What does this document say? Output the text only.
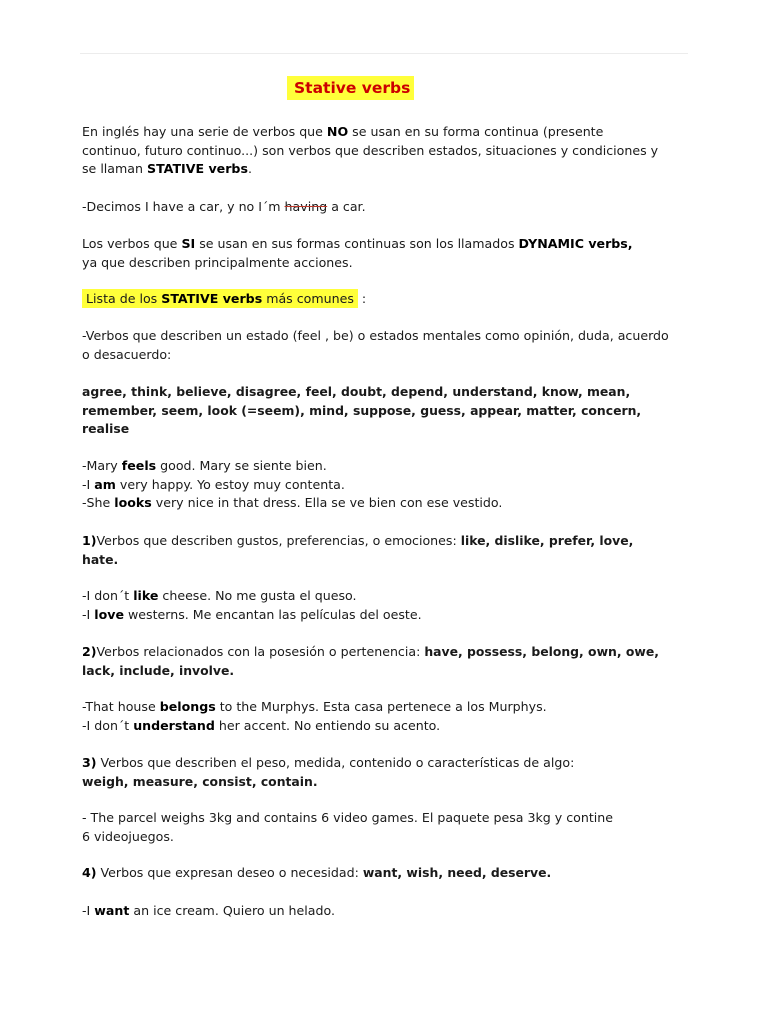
Stative verbs
En inglés hay una serie de verbos que NO se usan en su forma continua (presente
continuo, futuro continuo...) son verbos que describen estados, situaciones y condiciones y
se llaman STATIVE verbs.
-Decimos I have a car, y no I´m having a car.
Los verbos que SI se usan en sus formas continuas son los llamados DYNAMIC verbs,
ya que describen principalmente acciones.
Lista de los STATIVE verbs más comunes :
-Verbos que describen un estado (feel , be) o estados mentales como opinión, duda, acuerdo
o desacuerdo:
agree, think, believe, disagree, feel, doubt, depend, understand, know, mean,
remember, seem, look (=seem), mind, suppose, guess, appear, matter, concern,
realise
-Mary feels good. Mary se siente bien.
-I am very happy. Yo estoy muy contenta.
-She looks very nice in that dress. Ella se ve bien con ese vestido.
1)Verbos que describen gustos, preferencias, o emociones: like, dislike, prefer, love,
hate.
-I don´t like cheese. No me gusta el queso.
-I love westerns. Me encantan las películas del oeste.
2)Verbos relacionados con la posesión o pertenencia: have, possess, belong, own, owe,
lack, include, involve.
-That house belongs to the Murphys. Esta casa pertenece a los Murphys.
-I don´t understand her accent. No entiendo su acento.
3) Verbos que describen el peso, medida, contenido o características de algo:
weigh, measure, consist, contain.
- The parcel weighs 3kg and contains 6 video games. El paquete pesa 3kg y contine
6 videojuegos.
4) Verbos que expresan deseo o necesidad: want, wish, need, deserve.
-I want an ice cream. Quiero un helado.
